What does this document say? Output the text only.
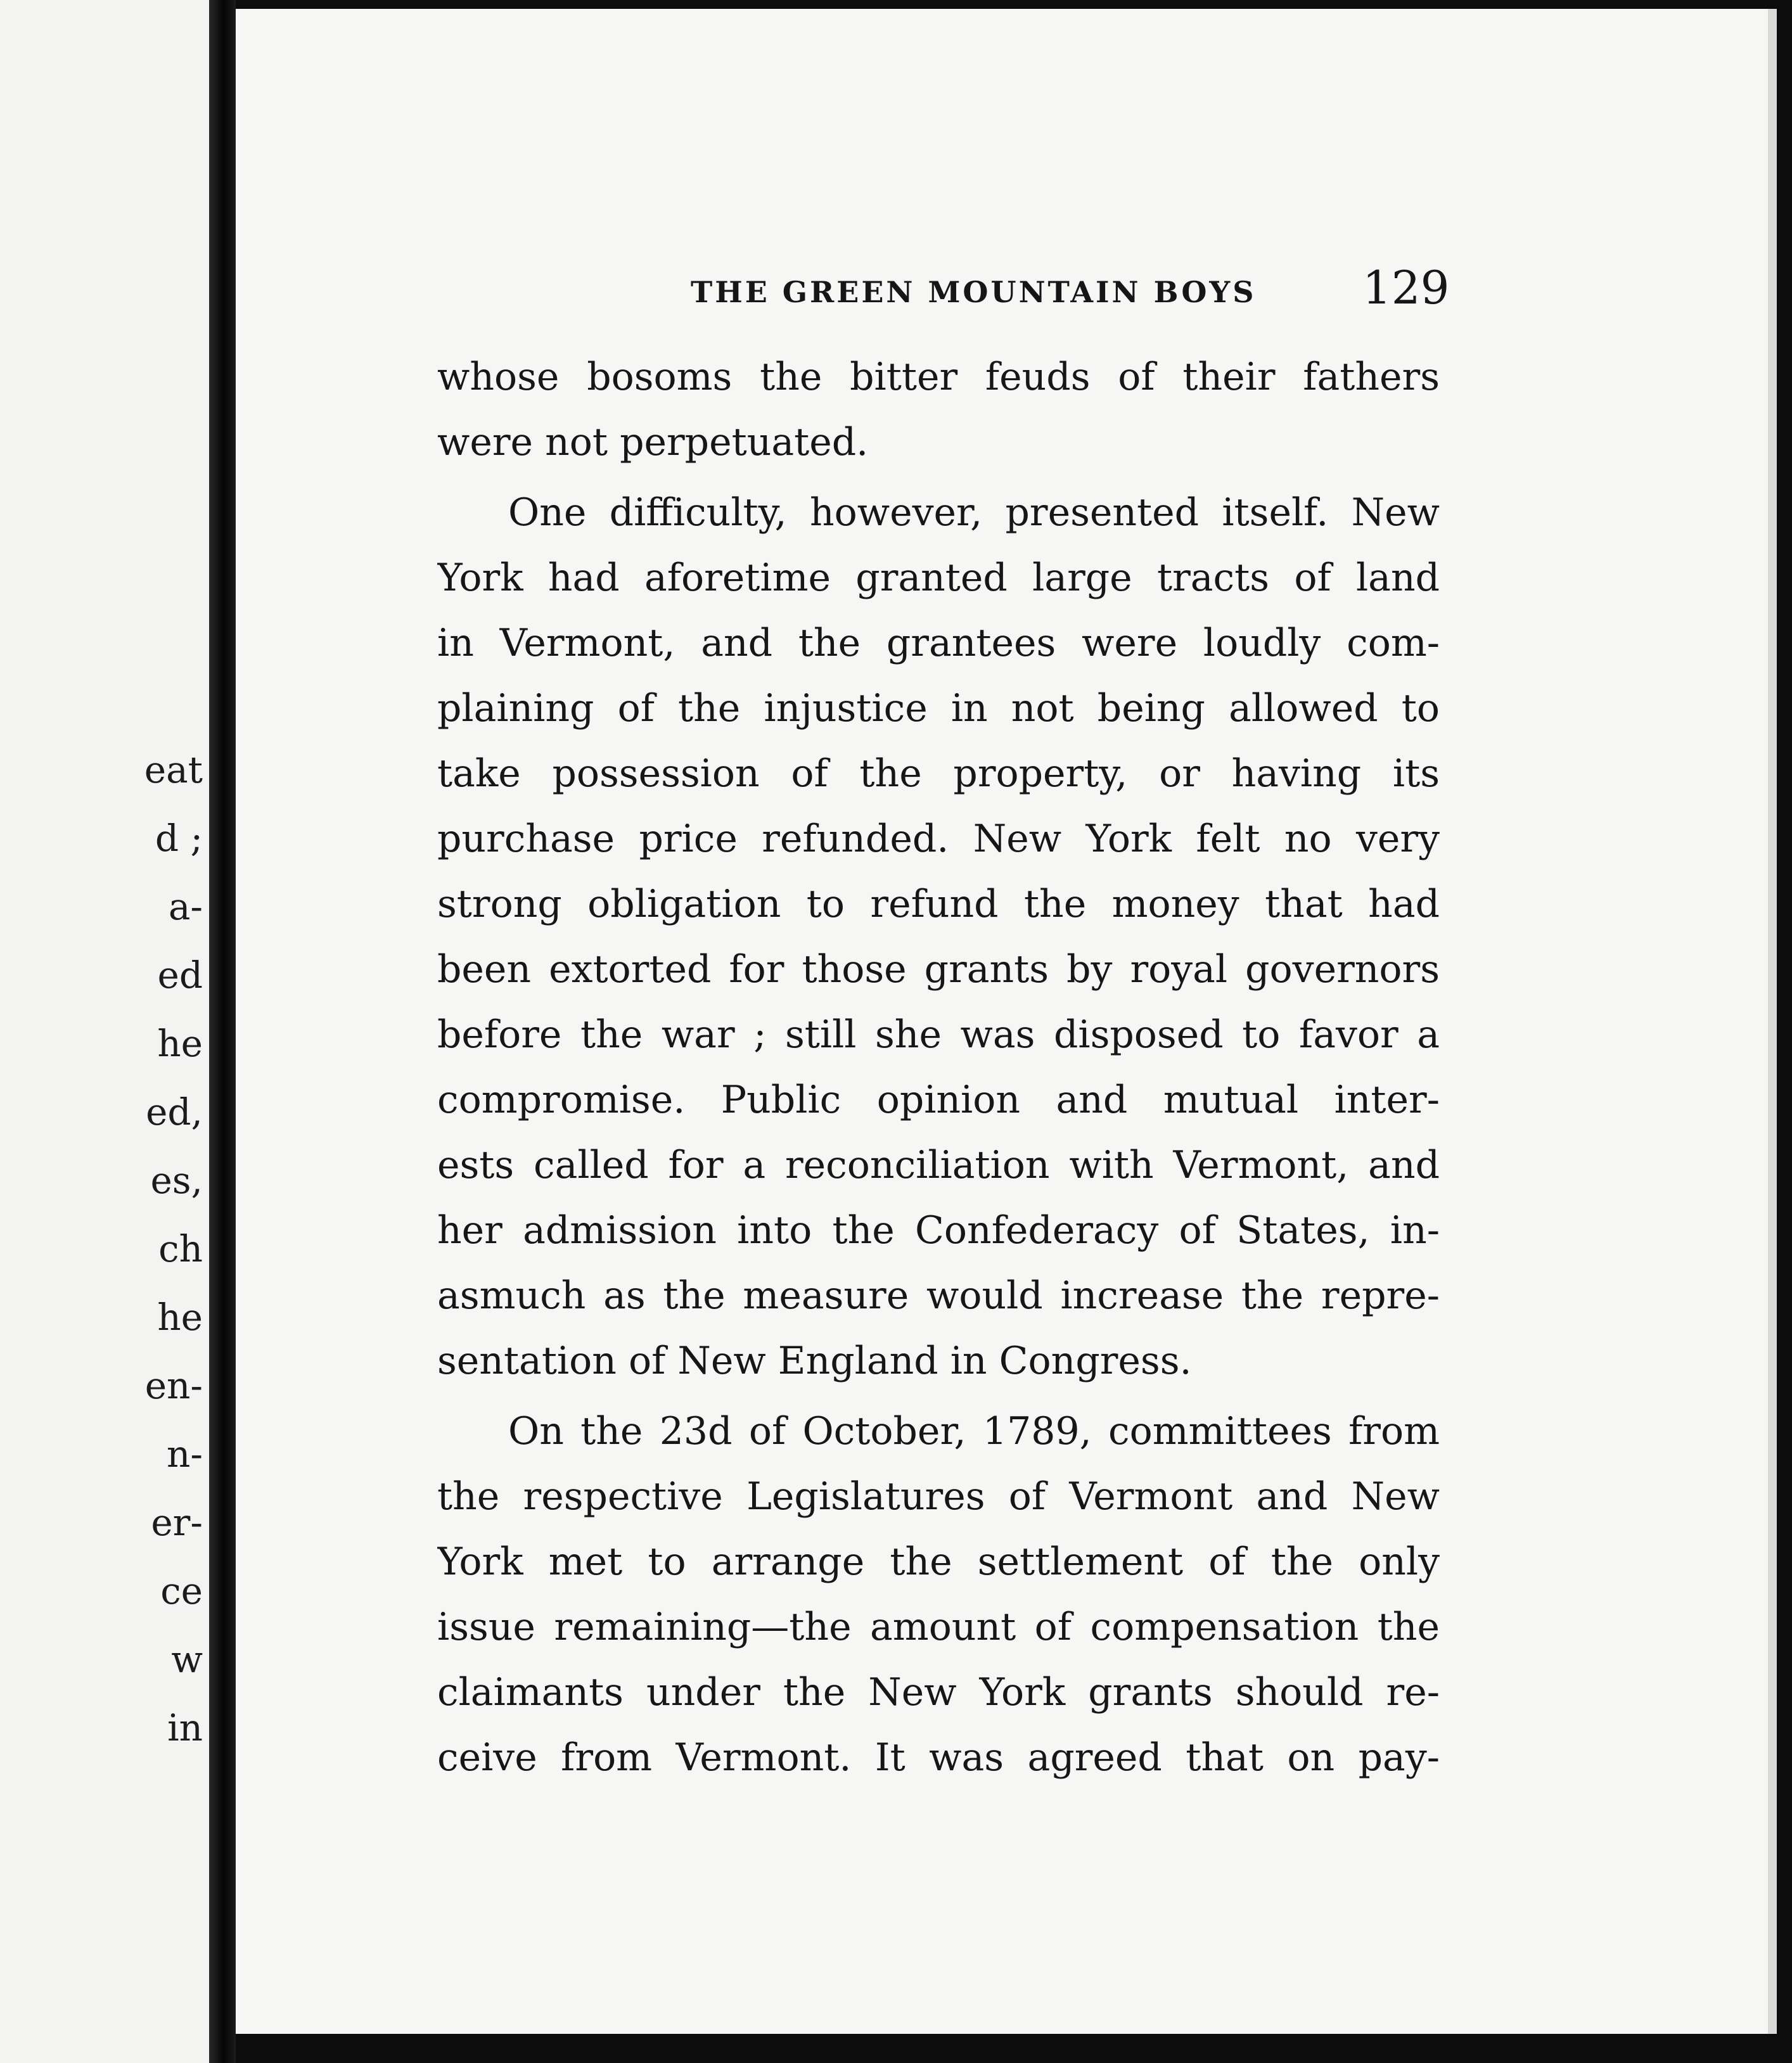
eat
d ;
a-
ed
he
ed,
es,
ch
he
en-
n-
er-
ce
w
in
THE GREEN MOUNTAIN BOYS 129
whose bosoms the bitter feuds of their fathers
were not perpetuated.
One difficulty, however, presented itself. New
York had aforetime granted large tracts of land
in Vermont, and the grantees were loudly com-
plaining of the injustice in not being allowed to
take possession of the property, or having its
purchase price refunded. New York felt no very
strong obligation to refund the money that had
been extorted for those grants by royal governors
before the war ; still she was disposed to favor a
compromise. Public opinion and mutual inter-
ests called for a reconciliation with Vermont, and
her admission into the Confederacy of States, in-
asmuch as the measure would increase the repre-
sentation of New England in Congress.
On the 23d of October, 1789, committees from
the respective Legislatures of Vermont and New
York met to arrange the settlement of the only
issue remaining—the amount of compensation the
claimants under the New York grants should re-
ceive from Vermont. It was agreed that on pay-
